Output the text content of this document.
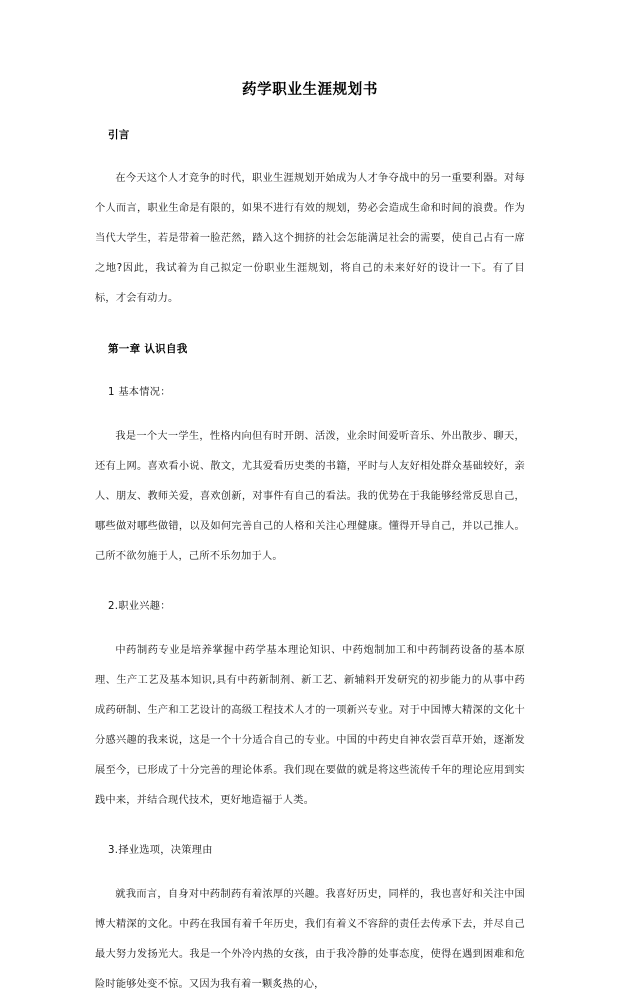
药学职业生涯规划书
引言

在今天这个人才竞争的时代，职业生涯规划开始成为人才争夺战中的另一重要利器。对每个人而言，职业生命是有限的，如果不进行有效的规划，势必会造成生命和时间的浪费。作为当代大学生，若是带着一脸茫然，踏入这个拥挤的社会怎能满足社会的需要，使自己占有一席之地?因此，我试着为自己拟定一份职业生涯规划，将自己的未来好好的设计一下。有了目标，才会有动力。

第一章 认识自我
1 基本情况：

我是一个大一学生，性格内向但有时开朗、活泼，业余时间爱听音乐、外出散步、聊天，还有上网。喜欢看小说、散文，尤其爱看历史类的书籍，平时与人友好相处群众基础较好，亲人、朋友、教师关爱，喜欢创新，对事件有自己的看法。我的优势在于我能够经常反思自己，哪些做对哪些做错，以及如何完善自己的人格和关注心理健康。懂得开导自己，并以己推人。己所不欲勿施于人，己所不乐勿加于人。

2.职业兴趣：

中药制药专业是培养掌握中药学基本理论知识、中药炮制加工和中药制药设备的基本原理、生产工艺及基本知识,具有中药新制剂、新工艺、新辅料开发研究的初步能力的从事中药成药研制、生产和工艺设计的高级工程技术人才的一项新兴专业。对于中国博大精深的文化十分感兴趣的我来说，这是一个十分适合自己的专业。中国的中药史自神农尝百草开始，逐渐发展至今，已形成了十分完善的理论体系。我们现在要做的就是将这些流传千年的理论应用到实践中来，并结合现代技术，更好地造福于人类。

3.择业选项，决策理由

就我而言，自身对中药制药有着浓厚的兴趣。我喜好历史，同样的，我也喜好和关注中国博大精深的文化。中药在我国有着千年历史，我们有着义不容辞的责任去传承下去，并尽自己最大努力发扬光大。我是一个外冷内热的女孩，由于我冷静的处事态度，使得在遇到困难和危险时能够处变不惊。又因为我有着一颗炙热的心，
